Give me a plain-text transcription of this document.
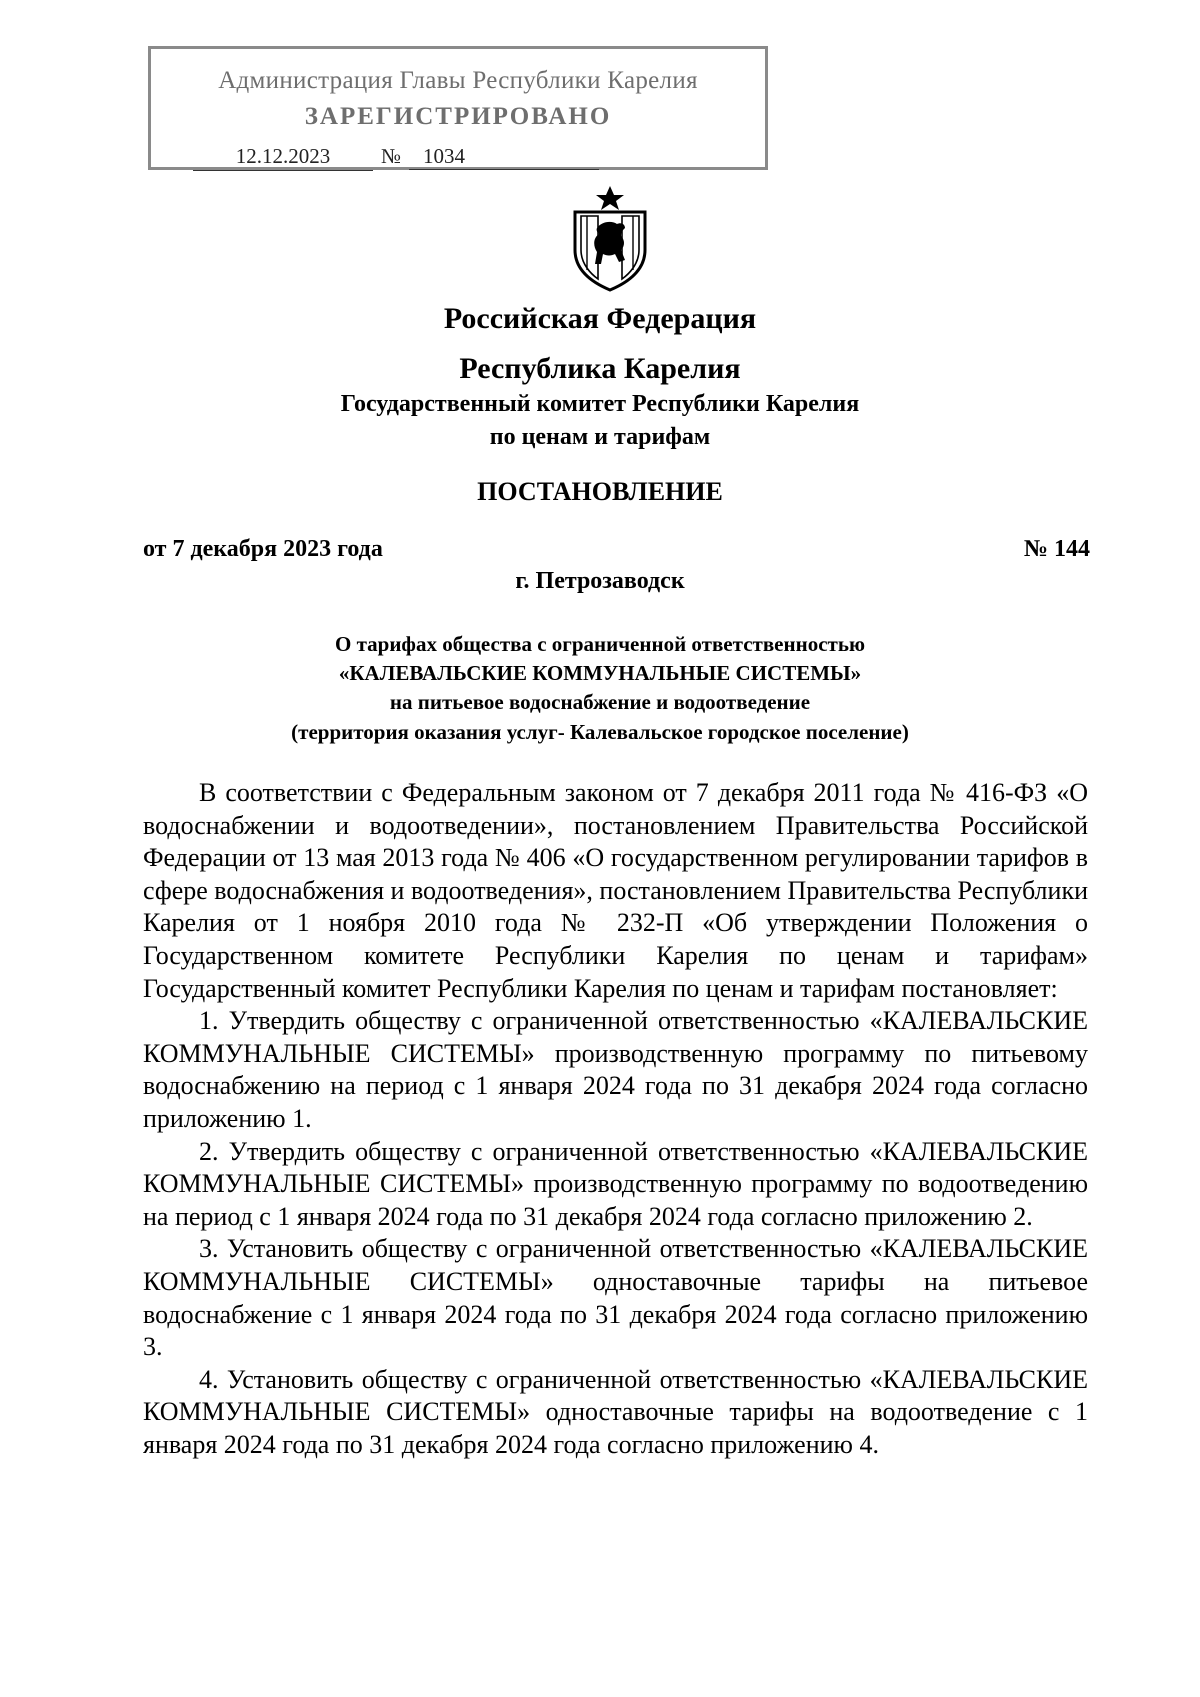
Администрация Главы Республики Карелия
ЗАРЕГИСТРИРОВАНО
12.12.2023	№	1034
Российская Федерация
Республика Карелия
Государственный комитет Республики Карелия
по ценам и тарифам
ПОСТАНОВЛЕНИЕ
от 7 декабря 2023 года	№ 144
г. Петрозаводск
О тарифах общества с ограниченной ответственностью
«КАЛЕВАЛЬСКИЕ КОММУНАЛЬНЫЕ СИСТЕМЫ»
на питьевое водоснабжение и водоотведение
(территория оказания услуг- Калевальское городское поселение)

В соответствии с Федеральным законом от 7 декабря 2011 года № 416-ФЗ «О водоснабжении и водоотведении», постановлением Правительства Российской Федерации от 13 мая 2013 года № 406 «О государственном регулировании тарифов в сфере водоснабжения и водоотведения», постановлением Правительства Республики Карелия от 1 ноября 2010 года № 232-П «Об утверждении Положения о Государственном комитете Республики Карелия по ценам и тарифам» Государственный комитет Республики Карелия по ценам и тарифам постановляет:

1. Утвердить обществу с ограниченной ответственностью «КАЛЕВАЛЬСКИЕ КОММУНАЛЬНЫЕ СИСТЕМЫ» производственную программу по питьевому водоснабжению на период с 1 января 2024 года по 31 декабря 2024 года согласно приложению 1.

2. Утвердить обществу с ограниченной ответственностью «КАЛЕВАЛЬСКИЕ КОММУНАЛЬНЫЕ СИСТЕМЫ» производственную программу по водоотведению на период с 1 января 2024 года по 31 декабря 2024 года согласно приложению 2.

3. Установить обществу с ограниченной ответственностью «КАЛЕВАЛЬСКИЕ КОММУНАЛЬНЫЕ СИСТЕМЫ» одноставочные тарифы на питьевое водоснабжение с 1 января 2024 года по 31 декабря 2024 года согласно приложению 3.

4. Установить обществу с ограниченной ответственностью «КАЛЕВАЛЬСКИЕ КОММУНАЛЬНЫЕ СИСТЕМЫ» одноставочные тарифы на водоотведение с 1 января 2024 года по 31 декабря 2024 года согласно приложению 4.
